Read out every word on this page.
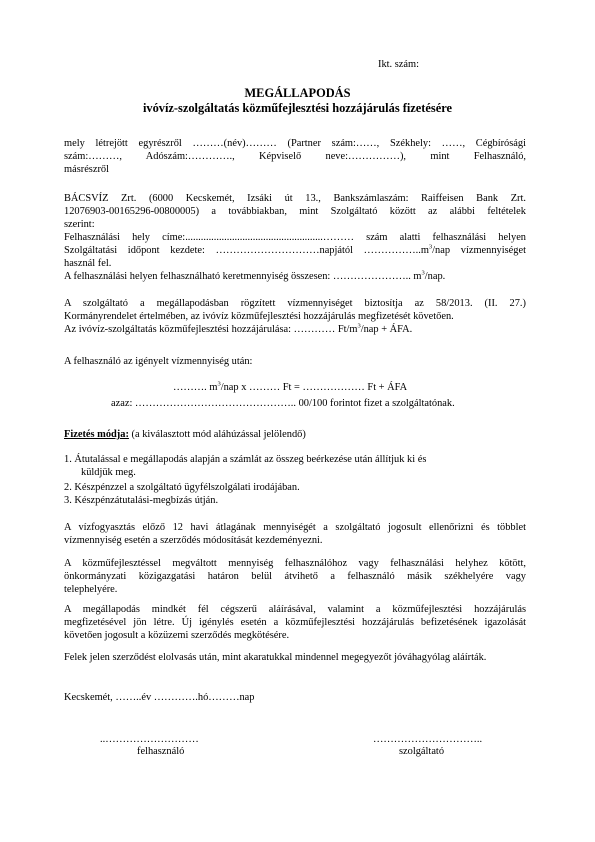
Ikt. szám:
MEGÁLLAPODÁS
ivóvíz-szolgáltatás közműfejlesztési hozzájárulás fizetésére
mely létrejött egyrészről ………(név)……… (Partner szám:……, Székhely: ……, Cégbírósági
szám:………, Adószám:…………., Képviselő neve:……………), mint Felhasználó,
másrészről
BÁCSVÍZ Zrt. (6000 Kecskemét, Izsáki út 13., Bankszámlaszám: Raiffeisen Bank Zrt.
12076903-00165296-00800005) a továbbiakban, mint Szolgáltató között az alábbi feltételek
szerint:
Felhasználási hely címe:.....................................................……… szám alatti felhasználási helyen
Szolgáltatási időpont kezdete: …………………………napjától $\dots\dots\dots\dots\dots..m^3$/nap vízmennyiséget
használ fel.
A felhasználási helyen felhasználható keretmennyiség összesen: ………………….. $m^3$/nap.
A szolgáltató a megállapodásban rögzített vízmennyiséget biztosítja az 58/2013. (II. 27.)
Kormányrendelet értelmében, az ivóvíz közműfejlesztési hozzájárulás megfizetését követően.
Az ivóvíz-szolgáltatás közműfejlesztési hozzájárulása: ………… $Ft/m^3$/nap + ÁFA.
A felhasználó az igényelt vízmennyiség után:
………. $m^3$/nap x ……… Ft = ……………… Ft + ÁFA
azaz: ……………………………………….. 00/100 forintot fizet a szolgáltatónak.
Fizetés módja: (a kiválasztott mód aláhúzással jelölendő)
1. Átutalással e megállapodás alapján a számlát az összeg beérkezése után állítjuk ki és
küldjük meg.
2. Készpénzzel a szolgáltató ügyfélszolgálati irodájában.
3. Készpénzátutalási-megbízás útján.
A vízfogyasztás előző 12 havi átlagának mennyiségét a szolgáltató jogosult ellenőrizni és többlet
vízmennyiség esetén a szerződés módosítását kezdeményezni.
A közműfejlesztéssel megváltott mennyiség felhasználóhoz vagy felhasználási helyhez kötött,
önkormányzati közigazgatási határon belül átvihető a felhasználó másik székhelyére vagy
telephelyére.
A megállapodás mindkét fél cégszerű aláírásával, valamint a közműfejlesztési hozzájárulás
megfizetésével jön létre. Új igénylés esetén a közműfejlesztési hozzájárulás befizetésének igazolását
követően jogosult a közüzemi szerződés megkötésére.
Felek jelen szerződést elolvasás után, mint akaratukkal mindennel megegyezőt jóváhagyólag aláírták.
Kecskemét, ……..év ………….hó………nap
..………………………
felhasználó
…………………………..
szolgáltató
